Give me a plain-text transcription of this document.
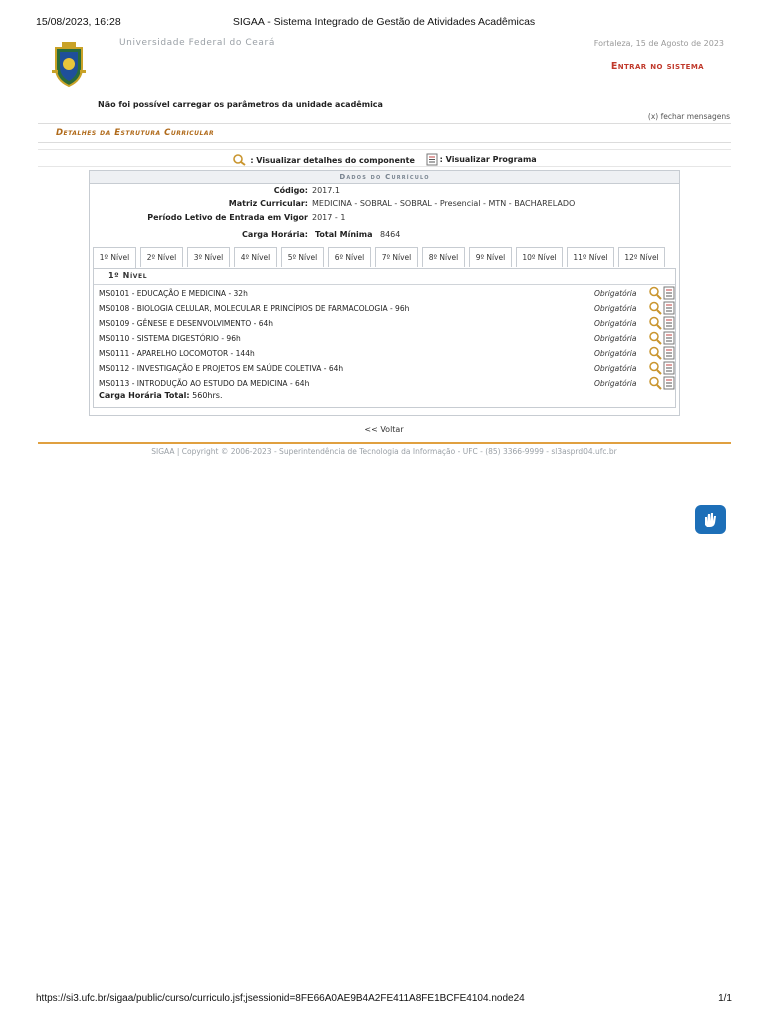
15/08/2023, 16:28	SIGAA - Sistema Integrado de Gestão de Atividades Acadêmicas
Universidade Federal do Ceará	Fortaleza, 15 de Agosto de 2023
Entrar no sistema
Não foi possível carregar os parâmetros da unidade acadêmica
(x) fechar mensagens
Detalhes da Estrutura Curricular
: Visualizar detalhes do componente
	: Visualizar Programa
Dados do Currículo
Código: 2017.1
Matriz Curricular: MEDICINA - SOBRAL - SOBRAL - Presencial - MTN - BACHARELADO
Período Letivo de Entrada em Vigor 2017 - 1
Carga Horária: Total Mínima 8464
1º Nível	2º Nível	3º Nível	4º Nível	5º Nível	6º Nível	7º Nível	8º Nível	9º Nível	10º Nível	11º Nível	12º Nível
1º Nível
MS0101 - EDUCAÇÃO E MEDICINA - 32h	Obrigatória
MS0108 - BIOLOGIA CELULAR, MOLECULAR E PRINCÍPIOS DE FARMACOLOGIA - 96h	Obrigatória
MS0109 - GÊNESE E DESENVOLVIMENTO - 64h	Obrigatória
MS0110 - SISTEMA DIGESTÓRIO - 96h	Obrigatória
MS0111 - APARELHO LOCOMOTOR - 144h	Obrigatória
MS0112 - INVESTIGAÇÃO E PROJETOS EM SAÚDE COLETIVA - 64h	Obrigatória
MS0113 - INTRODUÇÃO AO ESTUDO DA MEDICINA - 64h	Obrigatória
Carga Horária Total: 560hrs.
<< Voltar
SIGAA | Copyright © 2006-2023 - Superintendência de Tecnologia da Informação - UFC - (85) 3366-9999 - sl3asprd04.ufc.br
https://si3.ufc.br/sigaa/public/curso/curriculo.jsf;jsessionid=8FE66A0AE9B4A2FE411A8FE1BCFE4104.node24	1/1
